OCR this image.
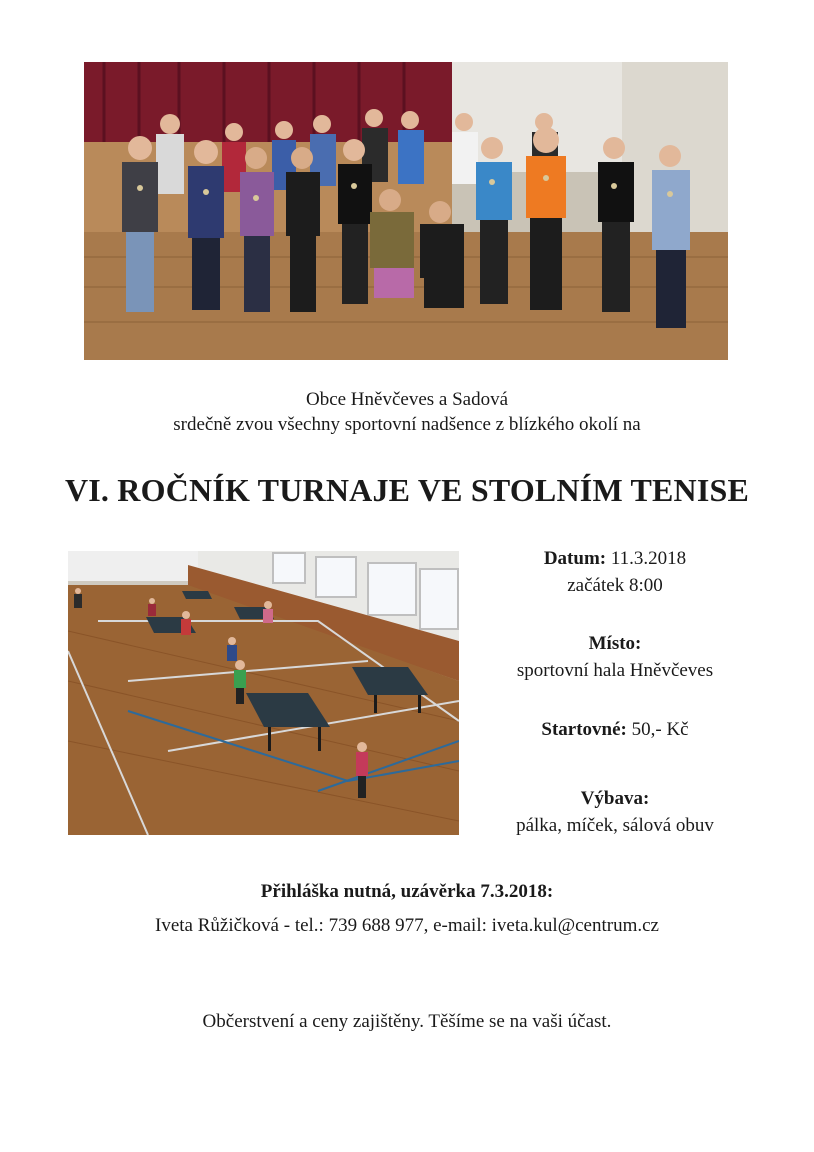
Obce Hněvčeves a Sadová
srdečně zvou všechny sportovní nadšence z blízkého okolí na
VI. ROČNÍK TURNAJE VE STOLNÍM TENISE
Datum: 11.3.2018
začátek 8:00
Místo:
sportovní hala Hněvčeves
Startovné: 50,- Kč
Výbava:
pálka, míček, sálová obuv
Přihláška nutná, uzávěrka 7.3.2018:
Iveta Růžičková - tel.: 739 688 977, e-mail: iveta.kul@centrum.cz
Občerstvení a ceny zajištěny. Těšíme se na vaši účast.
